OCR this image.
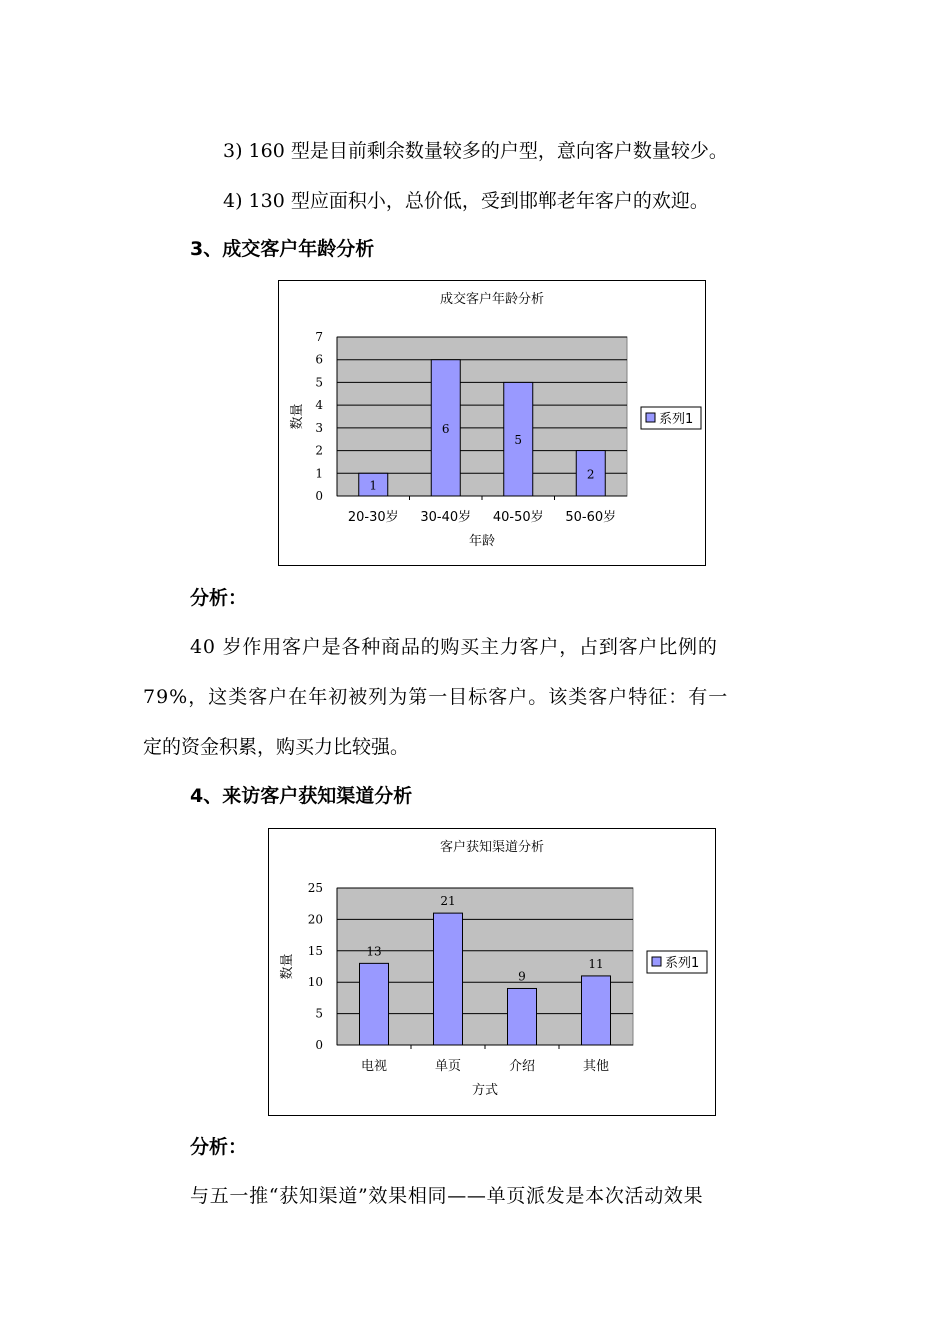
3) 160 型是目前剩余数量较多的户型，意向客户数量较少。
4) 130 型应面积小，总价低，受到邯郸老年客户的欢迎。
3、成交客户年龄分析
成交客户年龄分析
0
1
2
3
4
5
6
7
1
20-30岁
6
30-40岁
5
40-50岁
2
50-60岁
数量
年龄
系列1
分析：
40 岁作用客户是各种商品的购买主力客户，占到客户比例的
79%，这类客户在年初被列为第一目标客户。该类客户特征：有一
定的资金积累，购买力比较强。
4、来访客户获知渠道分析
客户获知渠道分析
0
5
10
15
20
25
13
电视
21
单页
9
介绍
11
其他
数量
方式
系列1
分析：
与五一推“获知渠道”效果相同——单页派发是本次活动效果
